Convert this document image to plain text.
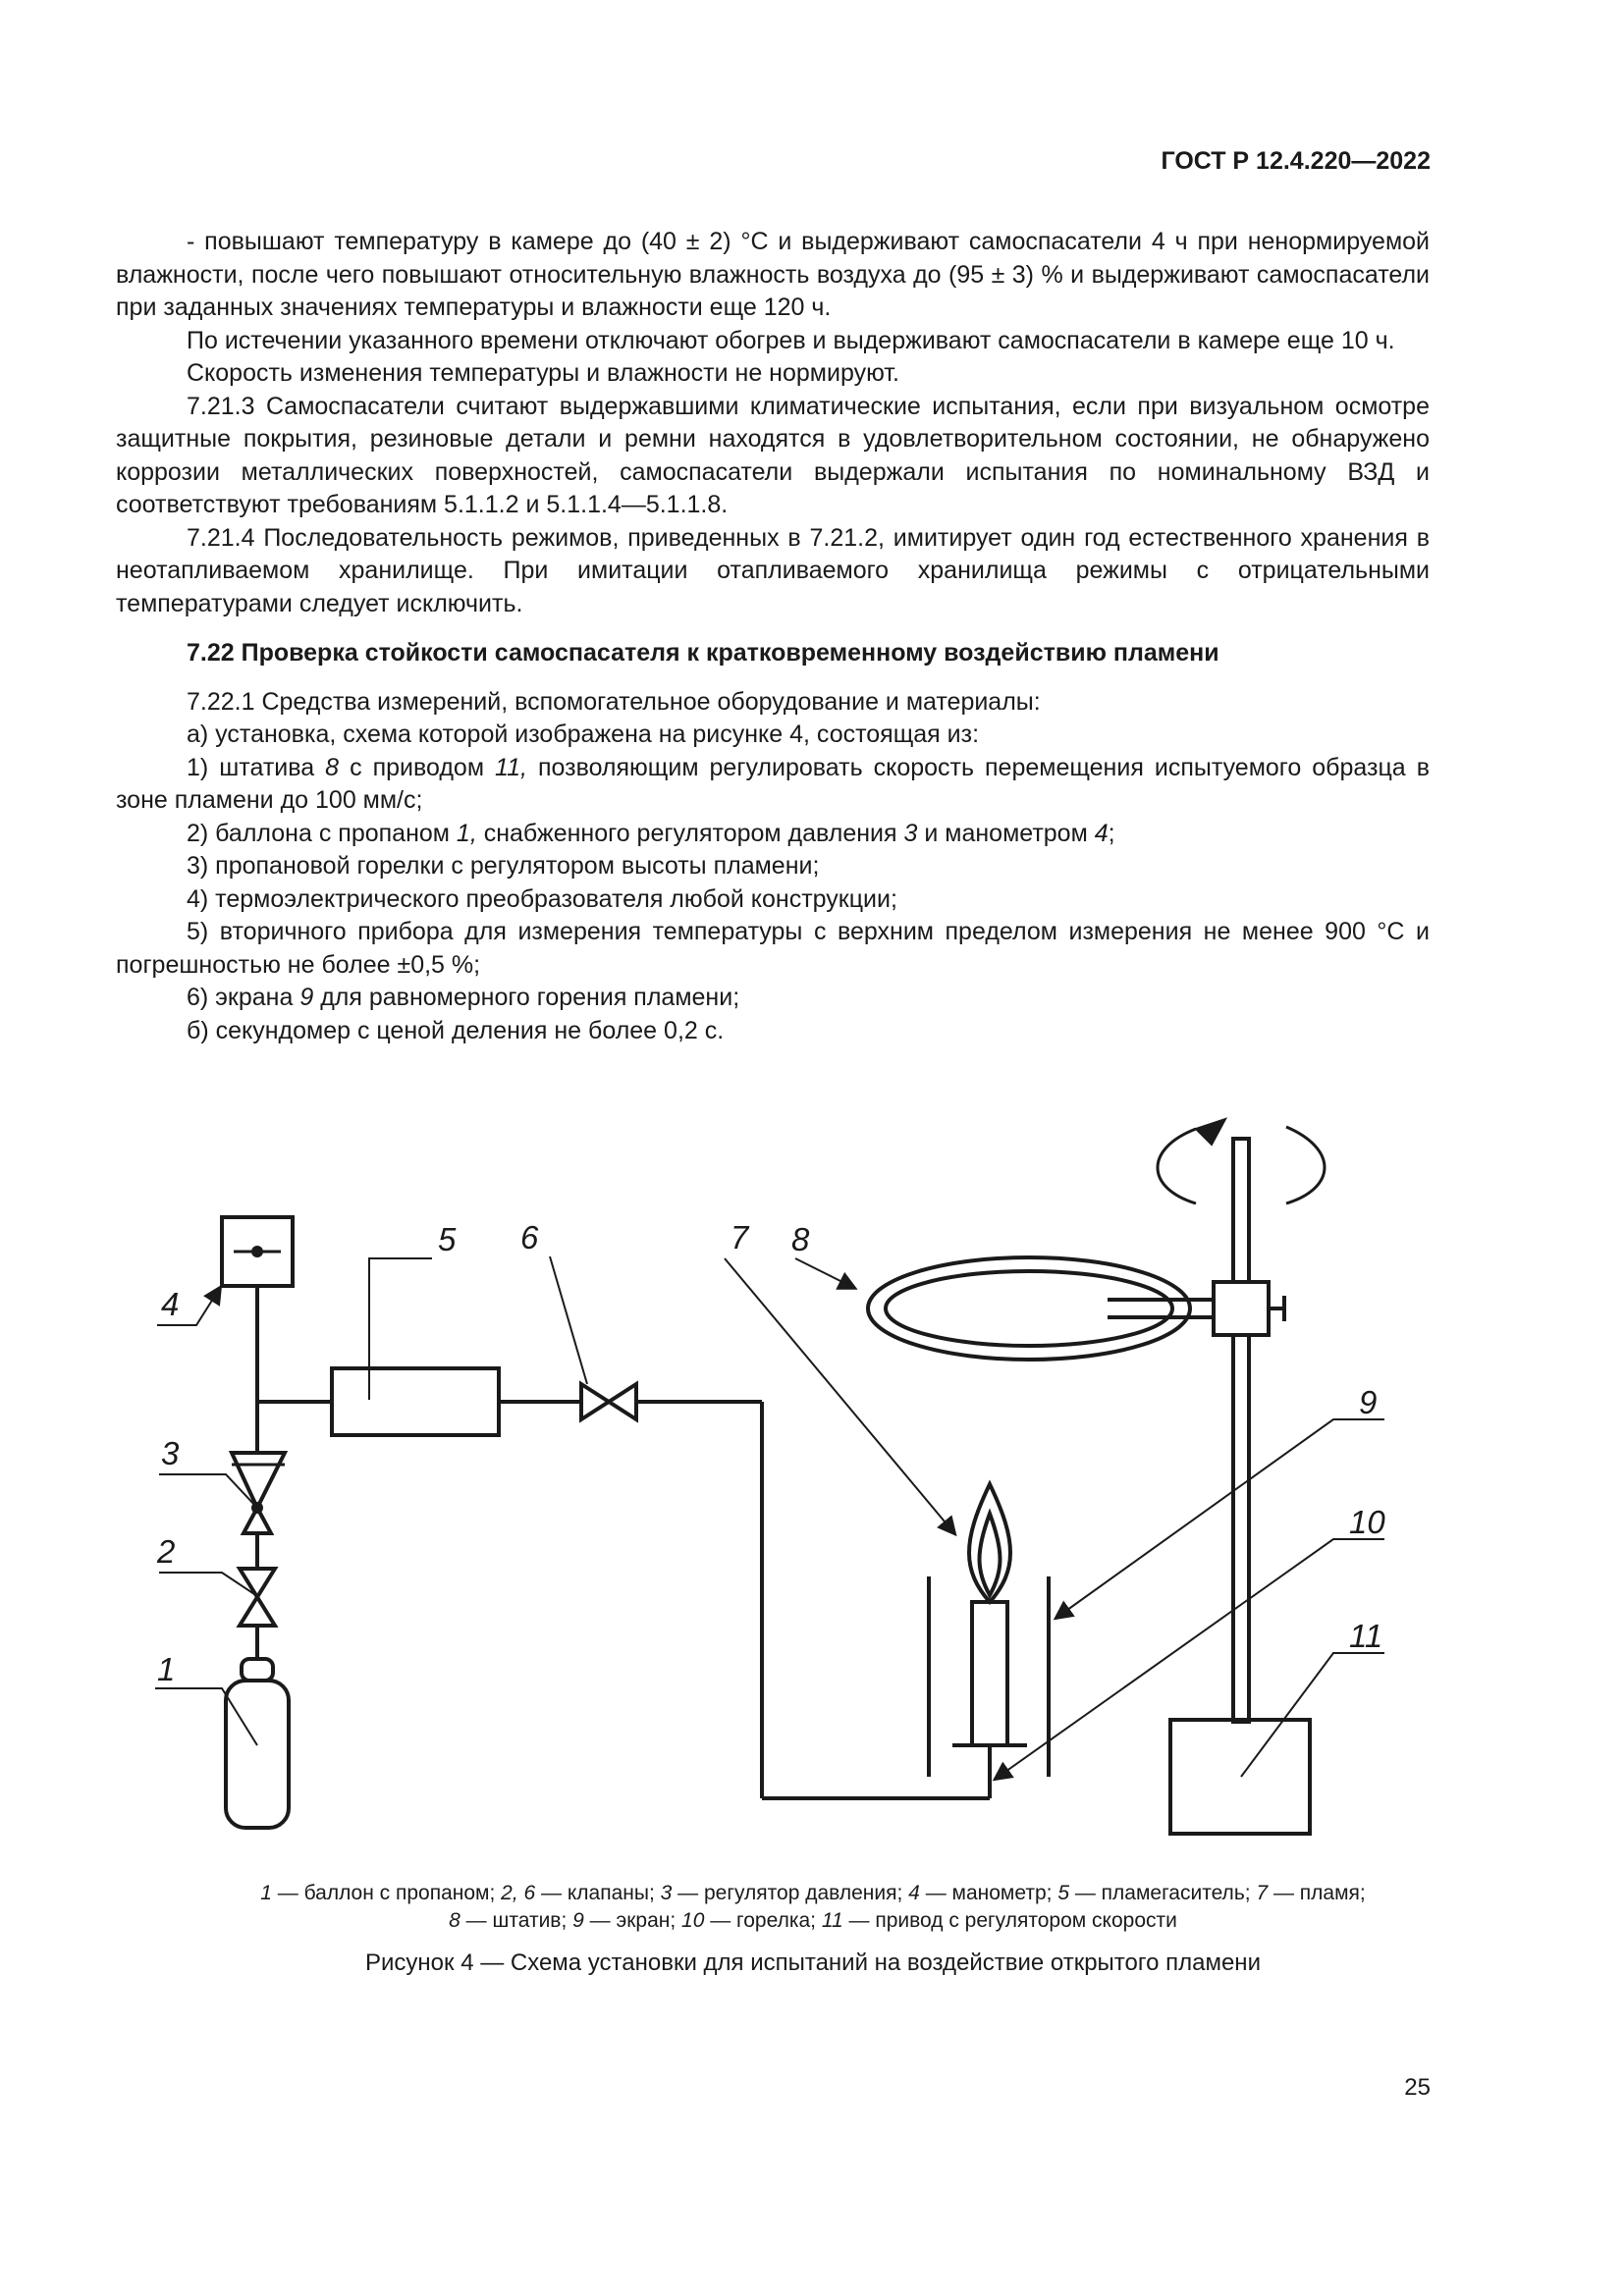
ГОСТ Р 12.4.220—2022

- повышают температуру в камере до (40 ± 2) °С и выдерживают самоспасатели 4 ч при ненормируемой влажности, после чего повышают относительную влажность воздуха до (95 ± 3) % и выдерживают самоспасатели при заданных значениях температуры и влажности еще 120 ч.

По истечении указанного времени отключают обогрев и выдерживают самоспасатели в камере еще 10 ч.

Скорость изменения температуры и влажности не нормируют.

7.21.3 Самоспасатели считают выдержавшими климатические испытания, если при визуальном осмотре защитные покрытия, резиновые детали и ремни находятся в удовлетворительном состоянии, не обнаружено коррозии металлических поверхностей, самоспасатели выдержали испытания по номинальному ВЗД и соответствуют требованиям 5.1.1.2 и 5.1.1.4—5.1.1.8.

7.21.4 Последовательность режимов, приведенных в 7.21.2, имитирует один год естественного хранения в неотапливаемом хранилище. При имитации отапливаемого хранилища режимы с отрицательными температурами следует исключить.

7.22 Проверка стойкости самоспасателя к кратковременному воздействию пламени

7.22.1 Средства измерений, вспомогательное оборудование и материалы:

а) установка, схема которой изображена на рисунке 4, состоящая из:

1) штатива 8 с приводом 11, позволяющим регулировать скорость перемещения испытуемого образца в зоне пламени до 100 мм/с;

2) баллона с пропаном 1, снабженного регулятором давления 3 и манометром 4;

3) пропановой горелки с регулятором высоты пламени;

4) термоэлектрического преобразователя любой конструкции;

5) вторичного прибора для измерения температуры с верхним пределом измерения не менее 900 °С и погрешностью не более ±0,5 %;

6) экрана 9 для равномерного горения пламени;

б) секундомер с ценой деления не более 0,2 с.

1
2
3
4
5 6	7 8
9
10
11
1 — баллон с пропаном; 2, 6 — клапаны; 3 — регулятор давления; 4 — манометр; 5 — пламегаситель; 7 — пламя;
8 — штатив; 9 — экран; 10 — горелка; 11 — привод с регулятором скорости
Рисунок 4 — Схема установки для испытаний на воздействие открытого пламени
25
